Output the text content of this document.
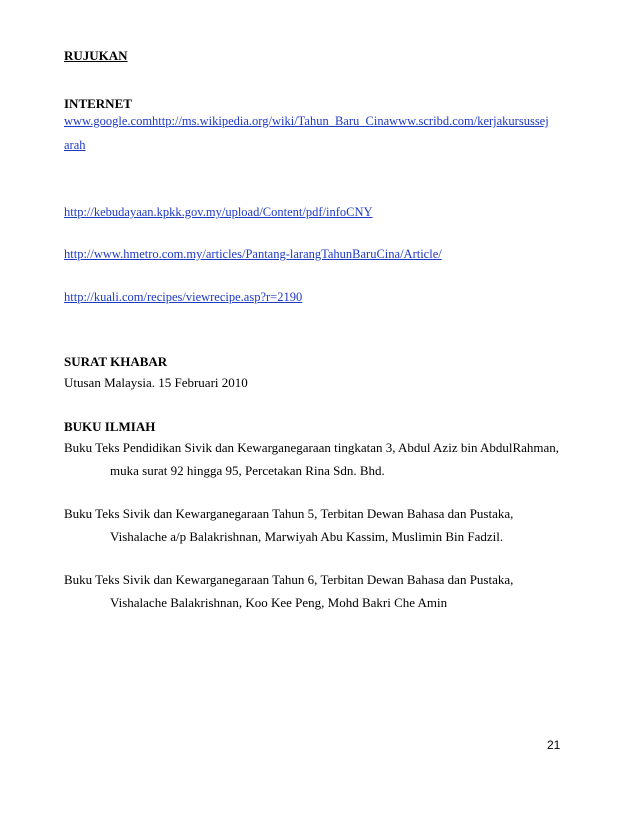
RUJUKAN
INTERNET
www.google.comhttp://ms.wikipedia.org/wiki/Tahun_Baru_Cinawww.scribd.com/kerjakursussej
arah
http://kebudayaan.kpkk.gov.my/upload/Content/pdf/infoCNY
http://www.hmetro.com.my/articles/Pantang-larangTahunBaruCina/Article/
http://kuali.com/recipes/viewrecipe.asp?r=2190
SURAT KHABAR
Utusan Malaysia. 15 Februari 2010
BUKU ILMIAH
Buku Teks Pendidikan Sivik dan Kewarganegaraan tingkatan 3, Abdul Aziz bin AbdulRahman,
muka surat 92 hingga 95, Percetakan Rina Sdn. Bhd.
Buku Teks Sivik dan Kewarganegaraan Tahun 5, Terbitan Dewan Bahasa dan Pustaka,
Vishalache a/p Balakrishnan, Marwiyah Abu Kassim, Muslimin Bin Fadzil.
Buku Teks Sivik dan Kewarganegaraan Tahun 6, Terbitan Dewan Bahasa dan Pustaka,
Vishalache Balakrishnan, Koo Kee Peng, Mohd Bakri Che Amin
21
